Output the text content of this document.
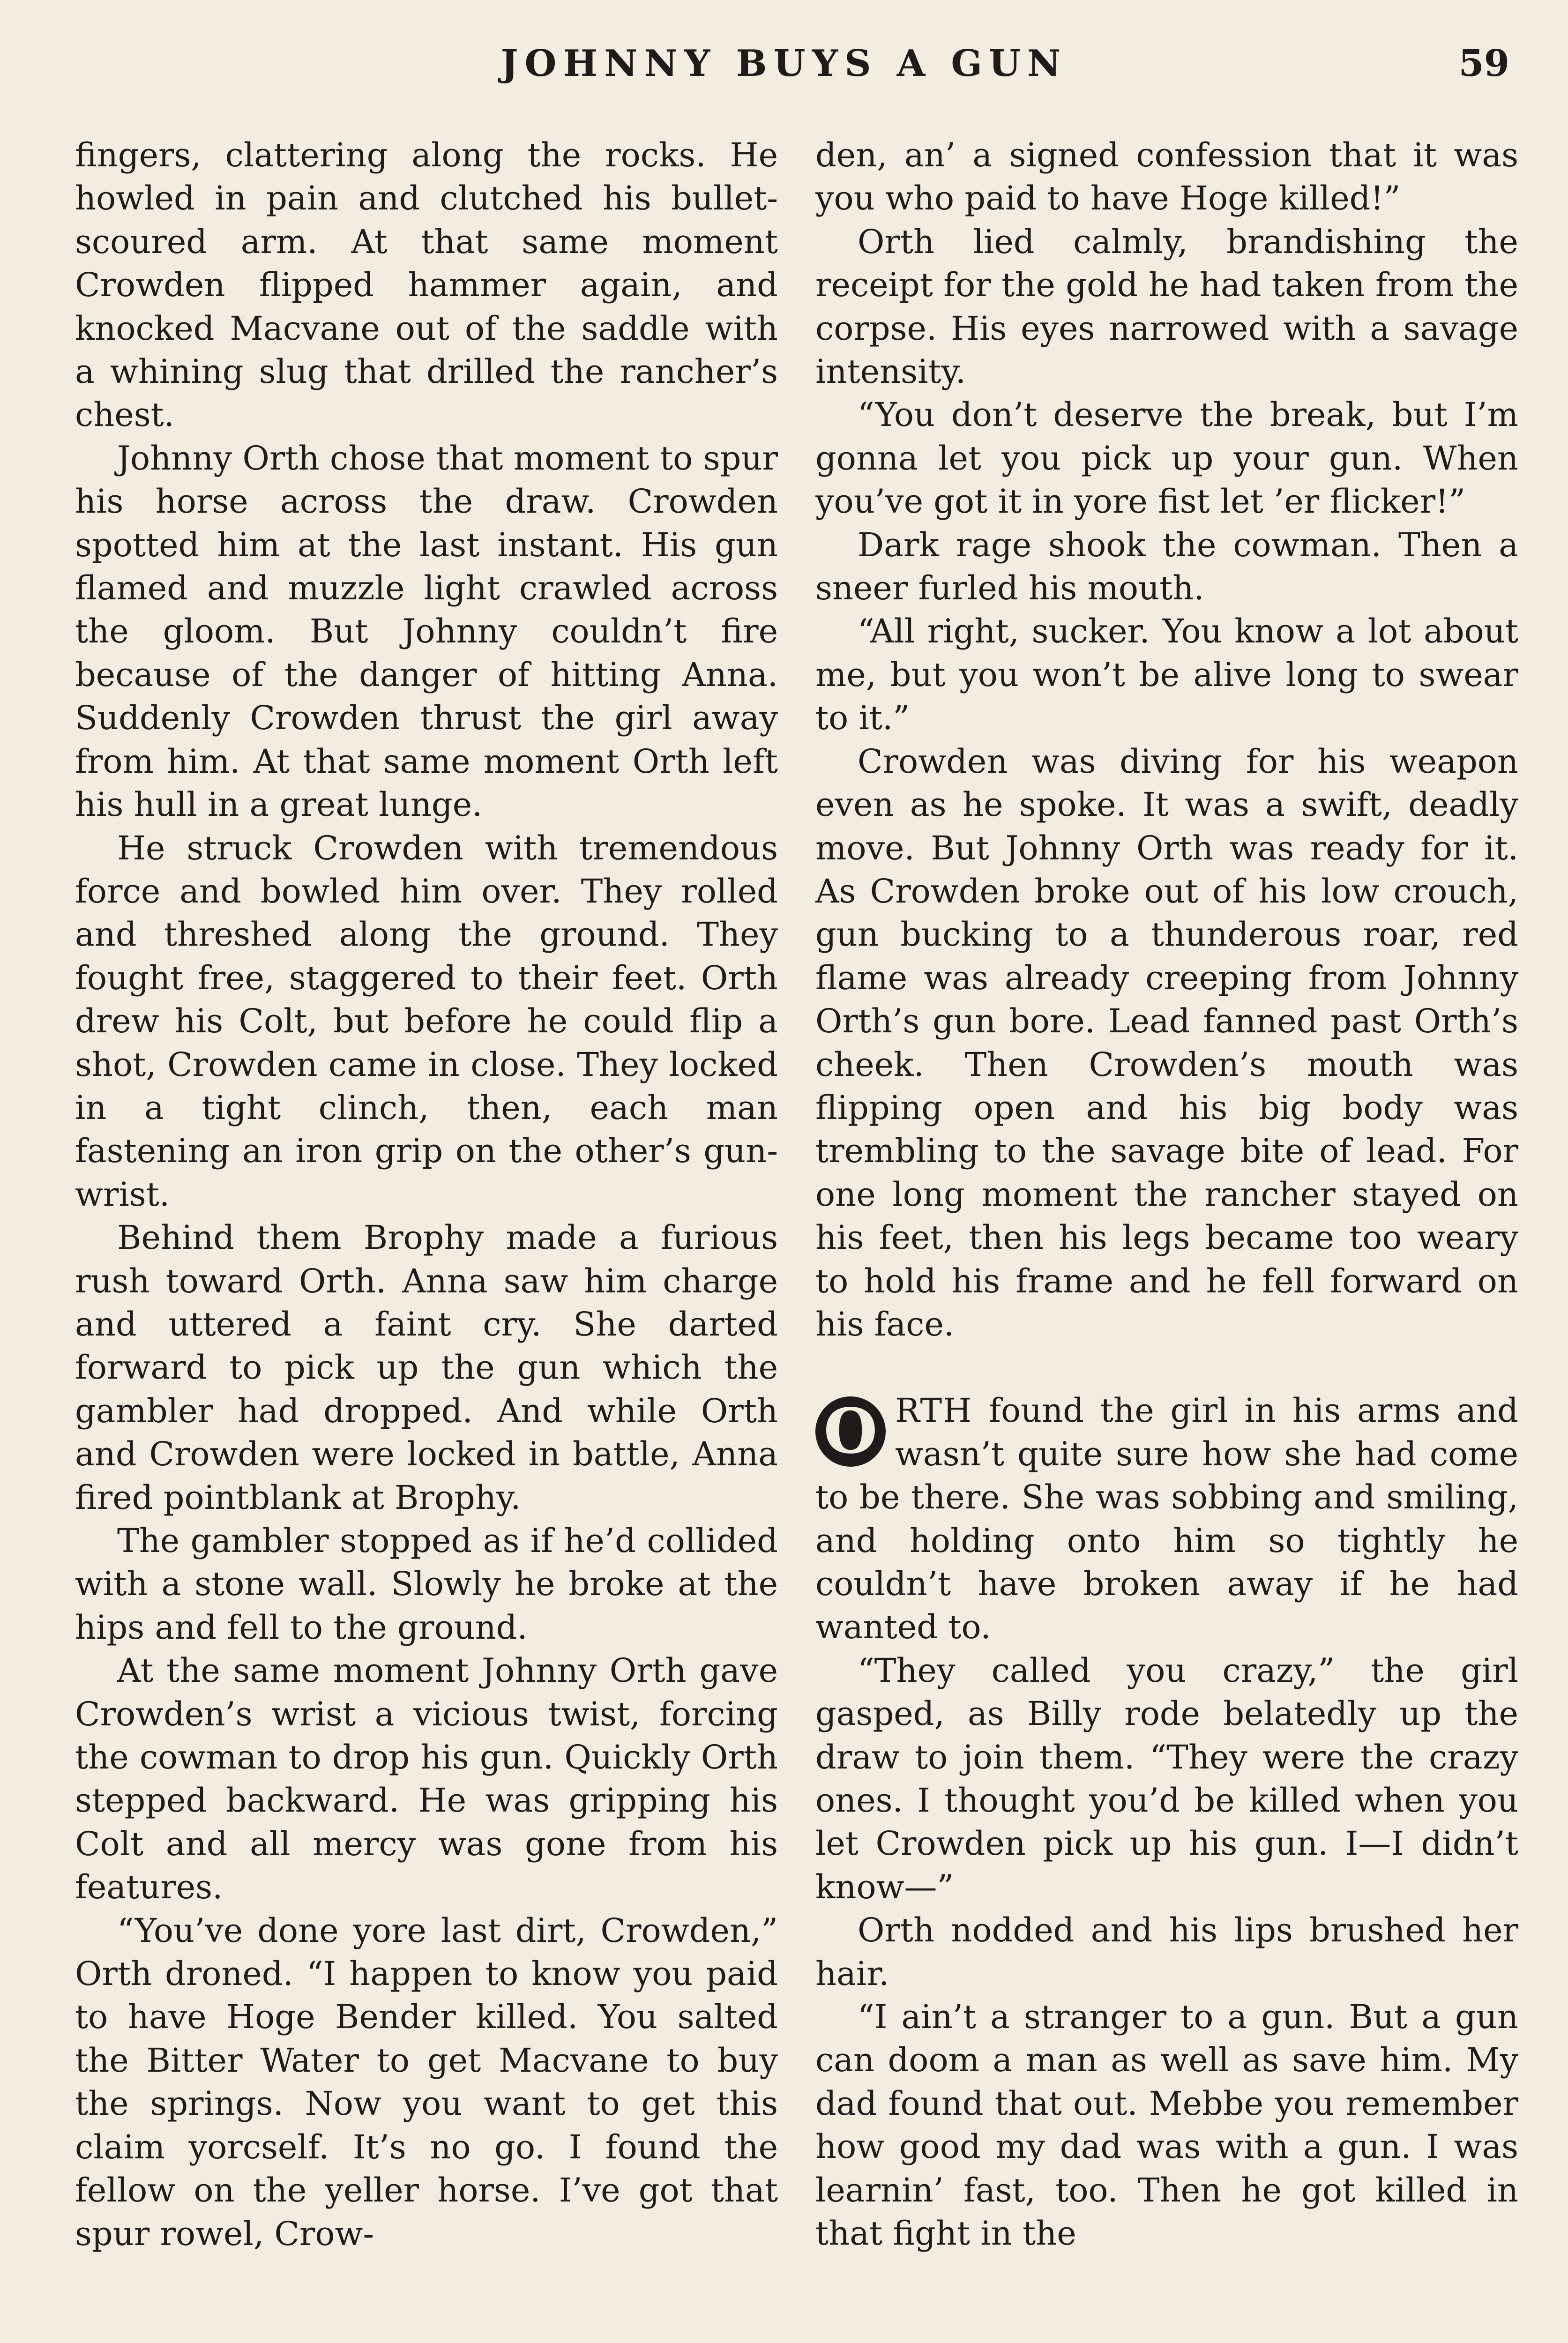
JOHNNY BUYS A GUN	59

fingers, clattering along the rocks. He howled in pain and clutched his bullet-scoured arm. At that same moment Crowden flipped hammer again, and knocked Macvane out of the saddle with a whining slug that drilled the rancher’s chest.

Johnny Orth chose that moment to spur his horse across the draw. Crowden spotted him at the last instant. His gun flamed and muzzle light crawled across the gloom. But Johnny couldn’t fire because of the danger of hitting Anna. Suddenly Crowden thrust the girl away from him. At that same moment Orth left his hull in a great lunge.

He struck Crowden with tremendous force and bowled him over. They rolled and threshed along the ground. They fought free, staggered to their feet. Orth drew his Colt, but before he could flip a shot, Crowden came in close. They locked in a tight clinch, then, each man fastening an iron grip on the other’s gun-wrist.

Behind them Brophy made a furious rush toward Orth. Anna saw him charge and uttered a faint cry. She darted forward to pick up the gun which the gambler had dropped. And while Orth and Crowden were locked in battle, Anna fired pointblank at Brophy.

The gambler stopped as if he’d collided with a stone wall. Slowly he broke at the hips and fell to the ground.

At the same moment Johnny Orth gave Crowden’s wrist a vicious twist, forcing the cowman to drop his gun. Quickly Orth stepped backward. He was gripping his Colt and all mercy was gone from his features.

“You’ve done yore last dirt, Crowden,” Orth droned. “I happen to know you paid to have Hoge Bender killed. You salted the Bitter Water to get Macvane to buy the springs. Now you want to get this claim yorcself. It’s no go. I found the fellow on the yeller horse. I’ve got that spur rowel, Crow-

den, an’ a signed confession that it was you who paid to have Hoge killed!”

Orth lied calmly, brandishing the receipt for the gold he had taken from the corpse. His eyes narrowed with a savage intensity.

“You don’t deserve the break, but I’m gonna let you pick up your gun. When you’ve got it in yore fist let ’er flicker!”

Dark rage shook the cowman. Then a sneer furled his mouth.

“All right, sucker. You know a lot about me, but you won’t be alive long to swear to it.”

Crowden was diving for his weapon even as he spoke. It was a swift, deadly move. But Johnny Orth was ready for it. As Crowden broke out of his low crouch, gun bucking to a thunderous roar, red flame was already creeping from Johnny Orth’s gun bore. Lead fanned past Orth’s cheek. Then Crowden’s mouth was flipping open and his big body was trembling to the savage bite of lead. For one long moment the rancher stayed on his feet, then his legs became too weary to hold his frame and he fell forward on his face.

O RTH found the girl in his arms and wasn’t quite sure how she had come to be there. She was sobbing and smiling, and holding onto him so tightly he couldn’t have broken away if he had wanted to.

“They called you crazy,” the girl gasped, as Billy rode belatedly up the draw to join them. “They were the crazy ones. I thought you’d be killed when you let Crowden pick up his gun. I—I didn’t know—”

Orth nodded and his lips brushed her hair.

“I ain’t a stranger to a gun. But a gun can doom a man as well as save him. My dad found that out. Mebbe you remember how good my dad was with a gun. I was learnin’ fast, too. Then he got killed in that fight in the
